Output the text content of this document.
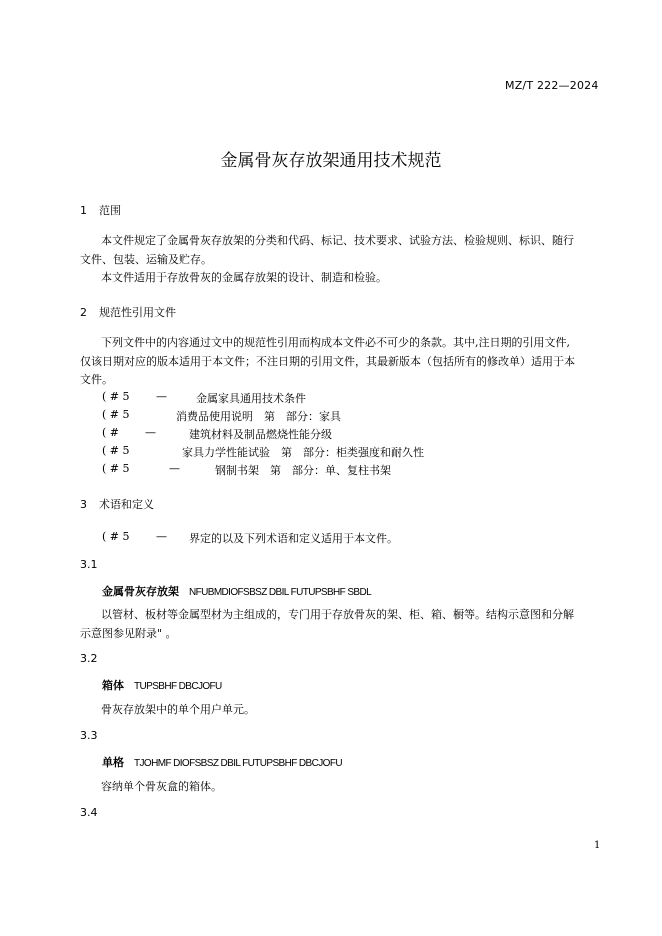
MZ/T 222—2024
金属骨灰存放架通用技术规范
1 范围
本文件规定了金属骨灰存放架的分类和代码、标记、技术要求、试验方法、检验规则、标识、随行
文件、包装、运输及贮存。
本文件适用于存放骨灰的金属存放架的设计、制造和检验。
2 规范性引用文件
下列文件中的内容通过文中的规范性引用而构成本文件必不可少的条款。其中,注日期的引用文件,
仅该日期对应的版本适用于本文件；不注日期的引用文件，其最新版本（包括所有的修改单）适用于本
文件。
( # 5 —	金属家具通用技术条件
( # 5	消费品使用说明　第　部分：家具
( # —	建筑材料及制品燃烧性能分级
( # 5	家具力学性能试验　第　部分：柜类强度和耐久性
( # 5	—	钢制书架　第　部分：单、复柱书架
3 术语和定义
( # 5 — 界定的以及下列术语和定义适用于本文件。
3.1
金属骨灰存放架 NFUBMDIOFSBSZ DBIL FUTUPSBHF SBDL
以管材、板材等金属型材为主组成的，专门用于存放骨灰的架、柜、箱、橱等。结构示意图和分解
示意图参见附录" 。
3.2
箱体 TUPSBHF DBCJOFU
骨灰存放架中的单个用户单元。
3.3
单格 TJOHMF DIOFSBSZ DBIL FUTUPSBHF DBCJOFU
容纳单个骨灰盒的箱体。
3.4
1
